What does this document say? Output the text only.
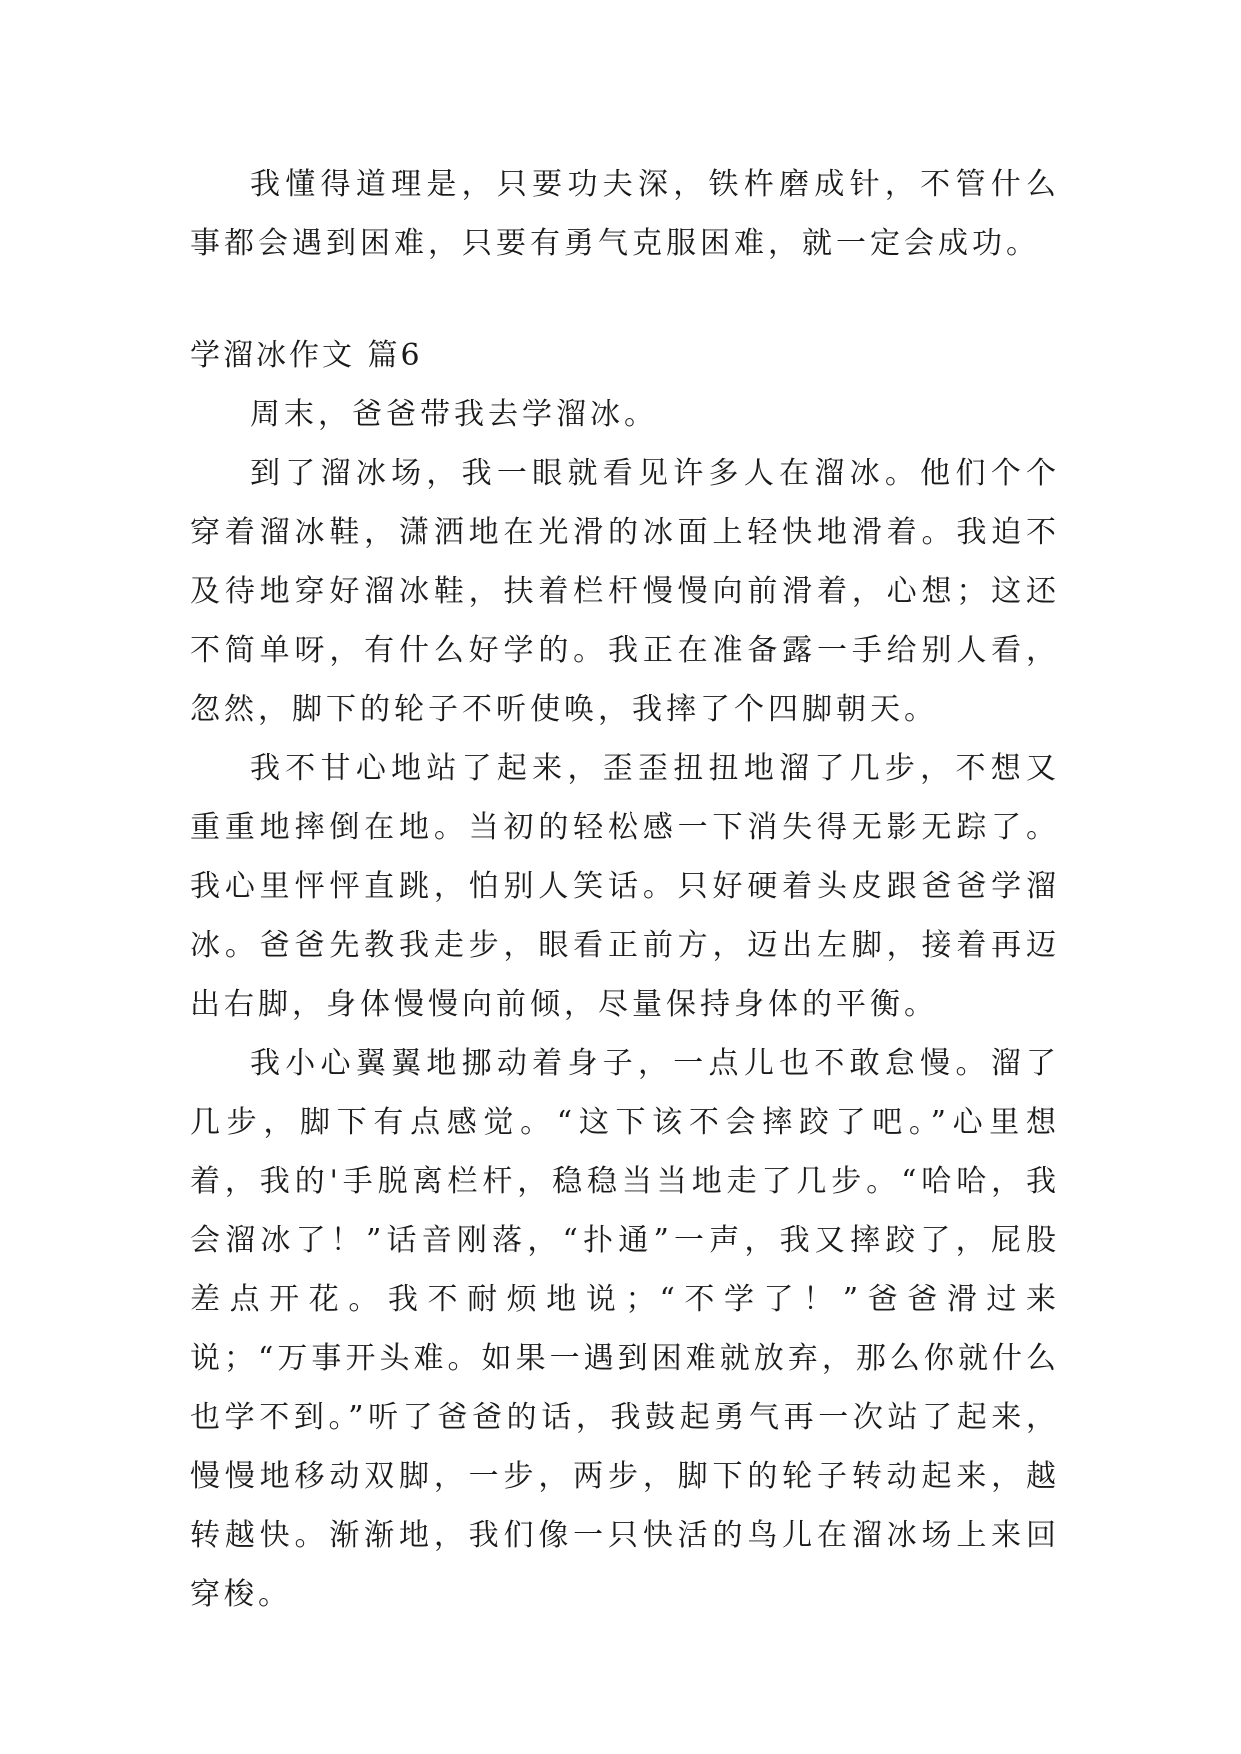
我懂得道理是，只要功夫深，铁杵磨成针，不管什么事都会遇到困难，只要有勇气克服困难，就一定会成功。

学溜冰作文 篇6

周末，爸爸带我去学溜冰。

到了溜冰场，我一眼就看见许多人在溜冰。他们个个穿着溜冰鞋，潇洒地在光滑的冰面上轻快地滑着。我迫不及待地穿好溜冰鞋，扶着栏杆慢慢向前滑着，心想；这还不简单呀，有什么好学的。我正在准备露一手给别人看，忽然，脚下的轮子不听使唤，我摔了个四脚朝天。

我不甘心地站了起来，歪歪扭扭地溜了几步，不想又重重地摔倒在地。当初的轻松感一下消失得无影无踪了。我心里怦怦直跳，怕别人笑话。只好硬着头皮跟爸爸学溜冰。爸爸先教我走步，眼看正前方，迈出左脚，接着再迈出右脚，身体慢慢向前倾，尽量保持身体的平衡。

我小心翼翼地挪动着身子，一点儿也不敢怠慢。溜了几步，脚下有点感觉。“这下该不会摔跤了吧。”心里想着，我的'手脱离栏杆，稳稳当当地走了几步。“哈哈，我会溜冰了！”话音刚落，“扑通”一声，我又摔跤了，屁股差点开花。我不耐烦地说；“不学了！”爸爸滑过来说；“万事开头难。如果一遇到困难就放弃，那么你就什么也学不到。”听了爸爸的话，我鼓起勇气再一次站了起来，慢慢地移动双脚，一步，两步，脚下的轮子转动起来，越转越快。渐渐地，我们像一只快活的鸟儿在溜冰场上来回穿梭。
